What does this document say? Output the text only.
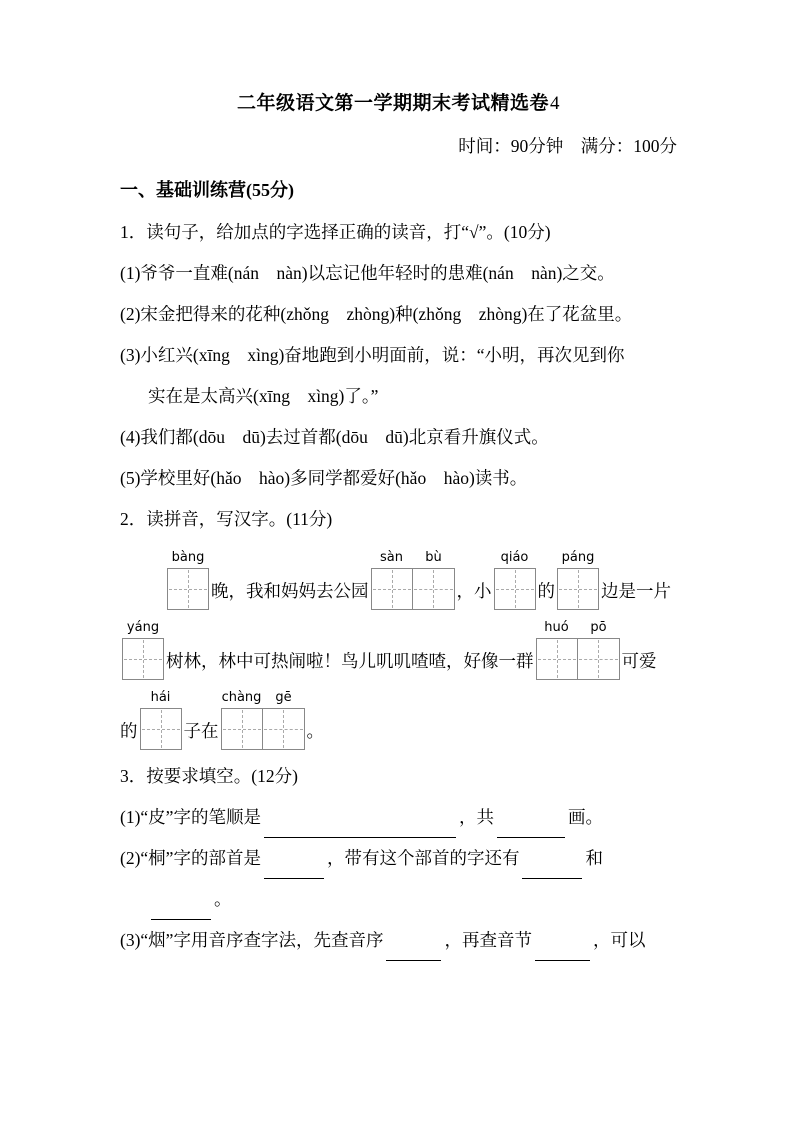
二年级语文第一学期期末考试精选卷4
时间：90分钟　满分：100分
一、基础训练营(55分)
1．读句子，给加点的字选择正确的读音，打“√”。(10分)
(1)爷爷一直难(nán　nàn)以忘记他年轻时的患难(nán　nàn)之交。
(2)宋金把得来的花种(zhǒng　zhòng)种(zhǒng　zhòng)在了花盆里。
(3)小红兴(xīng　xìng)奋地跑到小明面前，说：“小明，再次见到你
实在是太高兴(xīng　xìng)了。”
(4)我们都(dōu　dū)去过首都(dōu　dū)北京看升旗仪式。
(5)学校里好(hǎo　hào)多同学都爱好(hǎo　hào)读书。
2．读拼音，写汉字。(11分)
bàng
晚，我和妈妈去公园
sàn	bù
，小
qiáo
的
páng
边是一片
yáng
树林，林中可热闹啦！鸟儿叽叽喳喳，好像一群
huó	pō
可爱
的
hái
子在
chàng	gē
。
3．按要求填空。(12分)
(1)“皮”字的笔顺是	，共	画。
(2)“桐”字的部首是	，带有这个部首的字还有	和
。
(3)“烟”字用音序查字法，先查音序	，再查音节	，可以
